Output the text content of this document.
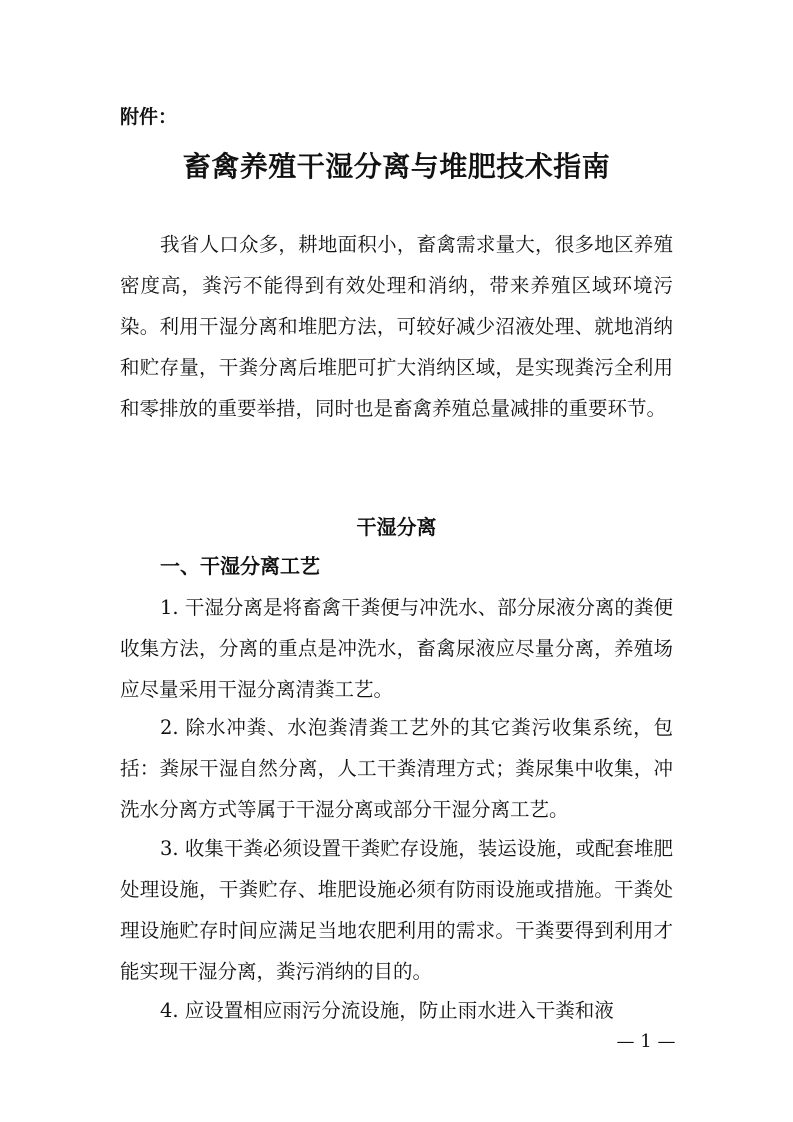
附件：

畜禽养殖干湿分离与堆肥技术指南

我省人口众多，耕地面积小，畜禽需求量大，很多地区养殖密度高，粪污不能得到有效处理和消纳，带来养殖区域环境污染。利用干湿分离和堆肥方法，可较好减少沼液处理、就地消纳和贮存量，干粪分离后堆肥可扩大消纳区域，是实现粪污全利用和零排放的重要举措，同时也是畜禽养殖总量减排的重要环节。

干湿分离
一、干湿分离工艺

1. 干湿分离是将畜禽干粪便与冲洗水、部分尿液分离的粪便收集方法，分离的重点是冲洗水，畜禽尿液应尽量分离，养殖场应尽量采用干湿分离清粪工艺。

2. 除水冲粪、水泡粪清粪工艺外的其它粪污收集系统，包括：粪尿干湿自然分离，人工干粪清理方式；粪尿集中收集，冲洗水分离方式等属于干湿分离或部分干湿分离工艺。

3. 收集干粪必须设置干粪贮存设施，装运设施，或配套堆肥处理设施，干粪贮存、堆肥设施必须有防雨设施或措施。干粪处理设施贮存时间应满足当地农肥利用的需求。干粪要得到利用才能实现干湿分离，粪污消纳的目的。

4. 应设置相应雨污分流设施，防止雨水进入干粪和液

— 1 —
